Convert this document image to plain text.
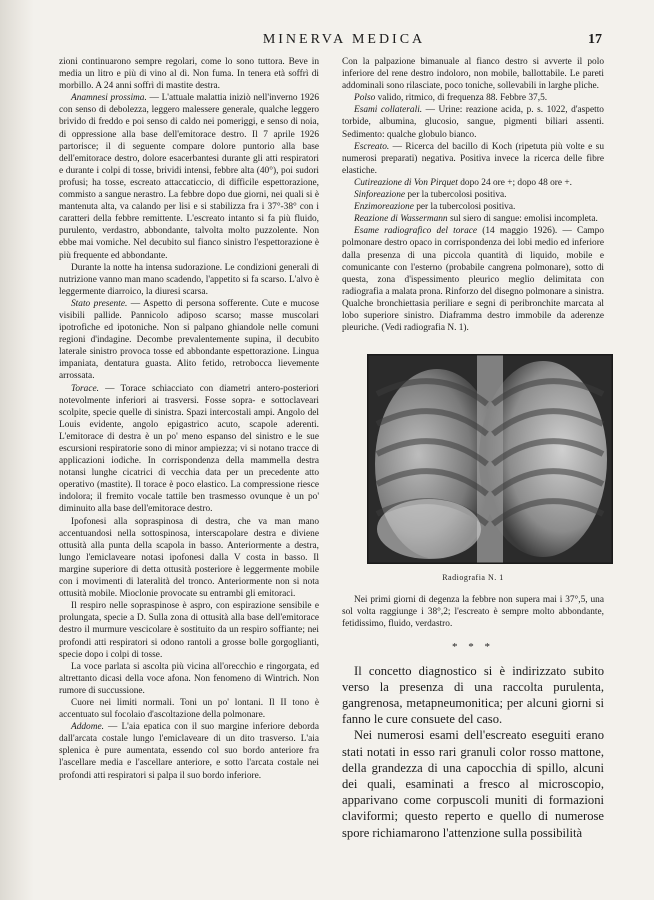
MINERVA MEDICA	17

zioni continuarono sempre regolari, come lo sono tuttora. Beve in media un litro e più di vino al dì. Non fuma. In tenera età soffrì di morbillo. A 24 anni soffrì di mastite destra.

Anamnesi prossima. — L'attuale malattia iniziò nell'inverno 1926 con senso di debolezza, leggero malessere generale, qualche leggero brivido di freddo e poi senso di caldo nei pomeriggi, e senso di noia, di oppressione alla base dell'emitorace destro. Il 7 aprile 1926 partoriscе; il di seguente compare dolore puntorio alla base dell'emitorace destro, dolore esacerbantesi durante gli atti respiratori e durante i colpi di tosse, brividi intensi, febbre alta (40°), poi sudori profusi; ha tosse, escreato attaccaticcio, di difficile espettorazione, commisto a sangue nerastro. La febbre dopo due giorni, nei quali si è mantenuta alta, va calando per lisi e si stabilizza fra i 37°-38° con i caratteri della febbre remittente. L'escreato intanto si fa più fluido, purulento, verdastro, abbondante, talvolta molto puzzolente. Non ebbe mai vomiche. Nel decubito sul fianco sinistro l'espettorazione è più frequente ed abbondante.

Durante la notte ha intensa sudorazione. Le condizioni generali di nutrizione vanno man mano scadendo, l'appetito si fa scarso. L'alvo è leggermente diarroico, la diuresi scarsa.

Stato presente. — Aspetto di persona sofferente. Cute e mucose visibili pallide. Pannicolo adiposo scarso; masse muscolari ipotrofiche ed ipotoniche. Non si palpano ghiandole nelle comuni regioni d'indagine. Decombe prevalentemente supina, il decubito laterale sinistro provoca tosse ed abbondante espettorazione. Lingua impaniata, dentatura guasta. Alito fetido, retrobocca lievemente arrossata.

Torace. — Torace schiacciato con diametri antero-posteriori notevolmente inferiori ai trasversi. Fosse sopra- e sottoclaveari scolpite, specie quelle di sinistra. Spazi intercostali ampi. Angolo del Louis evidente, angolo epigastrico acuto, scapole aderenti. L'emitorace di destra è un po' meno espanso del sinistro e le sue escursioni respiratorie sono di minor ampiezza; vi si notano tracce di applicazioni iodiche. In corrispondenza della mammella destra notansi lunghe cicatrici di vecchia data per un precedente atto operativo (mastite). Il torace è poco elastico. La compressione riesce indolora; il fremito vocale tattile ben trasmesso ovunque è un po' diminuito alla base dell'emitorace destro.

Ipofonesi alla soprаspinosa di destra, che va man mano accentuandosi nella sottospinosa, interscapolare destra e diviene ottusità alla punta della scapola in basso. Anteriormente a destra, lungo l'emiclaveare notasi ipofonesi dalla V costa in basso. Il margine superiore di detta ottusità posteriore è leggermente mobile con i movimenti di lateralità del tronco. Anteriormente non si nota ottusità mobile. Mioclonie provocate su entrambi gli emitoraci.

Il respiro nelle soprаspinose è aspro, con espirazione sensibile e prolungata, specie a D. Sulla zona di ottusità alla base dell'emitorace destro il murmure vescicolare è sostituito da un respiro soffiante; nei profondi atti respiratori si odono rantoli a grosse bolle gorgoglianti, specie dopo i colpi di tosse.

La voce parlata si ascolta più vicina all'orecchio e ringorgata, ed altrettanto dicasi della voce afona. Non fenomeno di Wintrich. Non rumore di succussione.

Cuore nei limiti normali. Toni un po' lontani. Il II tono è accentuato sul focolaio d'ascoltazione della polmonare.

Addome. — L'aia epatica con il suo margine inferiore deborda dall'arcata costale lungo l'emiclaveare di un dito trasverso. L'aia splenica è pure aumentata, essendo col suo bordo anteriore fra l'ascellare media e l'ascellare anteriore, e sotto l'arcata costale nei profondi atti respiratori si palpa il suo bordo inferiore.

Con la palpazione bimanuale al fianco destro si avverte il polo inferiore del rene destro indoloro, non mobile, ballottabile. Le pareti addominali sono rilasciate, poco toniche, sollevabili in larghe pliche.

Polso valido, ritmico, di frequenza 88. Febbre 37,5.

Esami collaterali. — Urine: reazione acida, p. s. 1022, d'aspetto torbide, albumina, glucosio, sangue, pigmenti biliari assenti. Sedimento: qualche globulo bianco.

Escreato. — Ricerca del bacillo di Koch (ripetuta più volte e su numerosi preparati) negativa. Positiva invece la ricerca delle fibre elastiche.

Cutireazione di Von Pirquet dopo 24 ore +; dopo 48 ore +.

Sinforeazione per la tubercolosi positiva.

Enzimoreazione per la tubercolosi positiva.

Reazione di Wassermann sul siero di sangue: emolisi incompleta.

Esame radiografico del torace (14 maggio 1926). — Campo polmonare destro opaco in corrispondenza dei lobi medio ed inferiore dalla presenza di una piccola quantità di liquido, mobile e comunicante con l'esterno (probabile cangrena polmonare), sotto di questa, zona d'ispessimento pleurico meglio delimitata con radiografia a malata prona. Rinforzo del disegno polmonare a sinistra. Qualche bronchiettasia periliare e segni di peribronchite marcata al lobo superiore sinistro. Diaframma destro immobile da aderenze pleuriche. (Vedi radiografia N. 1).

Radiografia N. 1

Nei primi giorni di degenza la febbre non supera mai i 37°,5, una sol volta raggiunge i 38°,2; l'escreato è sempre molto abbondante, fetidissimo, fluido, verdastro.

* * *

Il concetto diagnostico si è indirizzato subito verso la presenza di una raccolta purulenta, gangrenosa, metapneumonitica; per alcuni giorni si fanno le cure consuete del caso.

Nei numerosi esami dell'escreato eseguiti erano stati notati in esso rari granuli color rosso mattone, della grandezza di una capocchia di spillo, alcuni dei quali, esaminati a fresco al microscopio, apparivano come corpuscoli muniti di formazioni claviformi; questo reperto e quello di numerose spore richiamarono l'attenzione sulla possibilità
